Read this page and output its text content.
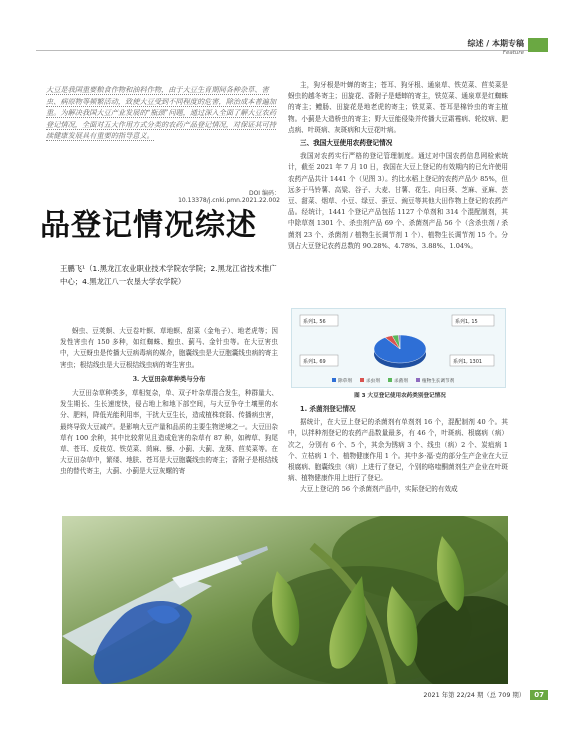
综述 / 本期专稿
Feature
大豆是我国重要粮食作物和油料作物，由于大豆生育期间各种杂草、害虫、病原物等频繁活动，致使大豆受到不同程度的危害，除治成本普遍加重。为解决我国大豆产业发展的“瓶颈”问题，通过深入全面了解大豆农药登记情况，全面对五大作用方式分类的农药产品登记情况，对保证其可持续健康发展具有重要的指导意义。
DOI 编码：10.13378/j.cnki.pmn.2021.22.002
品登记情况综述
王鹏飞¹（1.黑龙江农业职业技术学院农学院；2.黑龙江省技术推广中心；4.黑龙江八一农垦大学农学院）

蚜虫、豆荚螟、大豆卷叶螟、草地螟、甜菜（金龟子）、地老虎等；因发性害虫有 150 多种，如红蜘蛛、蝗虫、蓟马、金针虫等。在大豆害虫中，大豆蚜虫是传播大豆病毒病的媒介，胞囊线虫是大豆胞囊线虫病的寄主害虫；根结线虫是大豆根结线虫病的寄生害虫。

3. 大豆田杂草种类与分布

大豆田杂草种类多，草相复杂，单、双子叶杂草混合发生，种群量大、发生期长、生长速度快，侵占地上和地下部空间，与大豆争夺土壤里的水分、肥料，降低光能利用率，干扰大豆生长，造成植株衰弱、传播病虫害，最终导致大豆减产。是影响大豆产量和品质的主要生物逆境之一。大豆田杂草有 100 余种，其中比较常见且造成危害的杂草有 87 种，如稗草、狗尾草、苍耳、反枝苋、铁苋菜、苘麻、藜、小蓟、大蓟、龙葵、苣荬菜等。在大豆田杂草中，繁缕、地肤、苍耳是大豆胞囊线虫的寄主；香附子是根结线虫的替代寄主，大蓟、小蓟是大豆灰螺的寄

主，狗牙根是叶蝉的寄主；苍耳、狗牙根、通泉草、铁苋菜、苣荬菜是蚜虫的越冬寄主；田旋花、香附子是蟋蟀的寄主，铁苋菜、通泉草是红蜘蛛的寄主；鳢肠、田旋花是地老虎的寄主；铁苋菜、苍耳是棉铃虫的寄主植物。小蓟是大造桥虫的寄主；野大豆能侵染并传播大豆霜霉病、轮纹病、肥点病、叶斑病、灰斑病和大豆花叶病。

三、我国大豆使用农药登记情况

我国对农药实行严格的登记管理制度。通过对中国农药信息网检索统计，截至 2021 年 7 月 10 日，我国在大豆上登记的有效期内的已允许使用农药产品共计 1441 个（见图 3）。约比水稻上登记的农药产品少 85%，但远多于马铃薯、高粱、谷子、大麦、甘薯、花生、向日葵、芝麻、亚麻、芸豆、甜菜、烟草、小豆、绿豆、蚕豆、豌豆等其他大田作物上登记的农药产品。经统计，1441 个登记产品包括 1127 个单剂和 314 个混配制剂，其中除草剂 1301 个、杀虫剂产品 69 个、杀菌剂产品 56 个（含杀虫剂 / 杀菌剂 23 个、杀菌剂 / 植物生长调节剂 1 个）、植物生长调节剂 15 个。分别占大豆登记农药总数的 90.28%、4.78%、3.88%、1.04%。

系列1, 56	系列1, 15
系列1, 69	系列1, 1301
除草剂	杀虫剂	杀菌剂	植物生长调节剂
图 3 大豆登记使用农药类别登记情况

1. 杀菌剂登记情况

据统计，在大豆上登记的杀菌剂有单剂剂 16 个，混配制剂 40 个。其中，以拌种剂登记的农药产品数量最多，有 46 个，叶斑病、根腐病（病）次之，分别有 6 个、5 个，其余为锈病 3 个、线虫（病）2 个、炭疽病 1 个、立枯病 1 个、植物健康作用 1 个。其中多·福·克的部分生产企业在大豆根腐病、胞囊线虫（病）上进行了登记，个别的咯喹酮菌剂生产企业在叶斑病、植物健康作用上进行了登记。

大豆上登记的 56 个杀菌剂产品中，实际登记的有效成

2021 年第 22/24 期（总 709 期） 07
